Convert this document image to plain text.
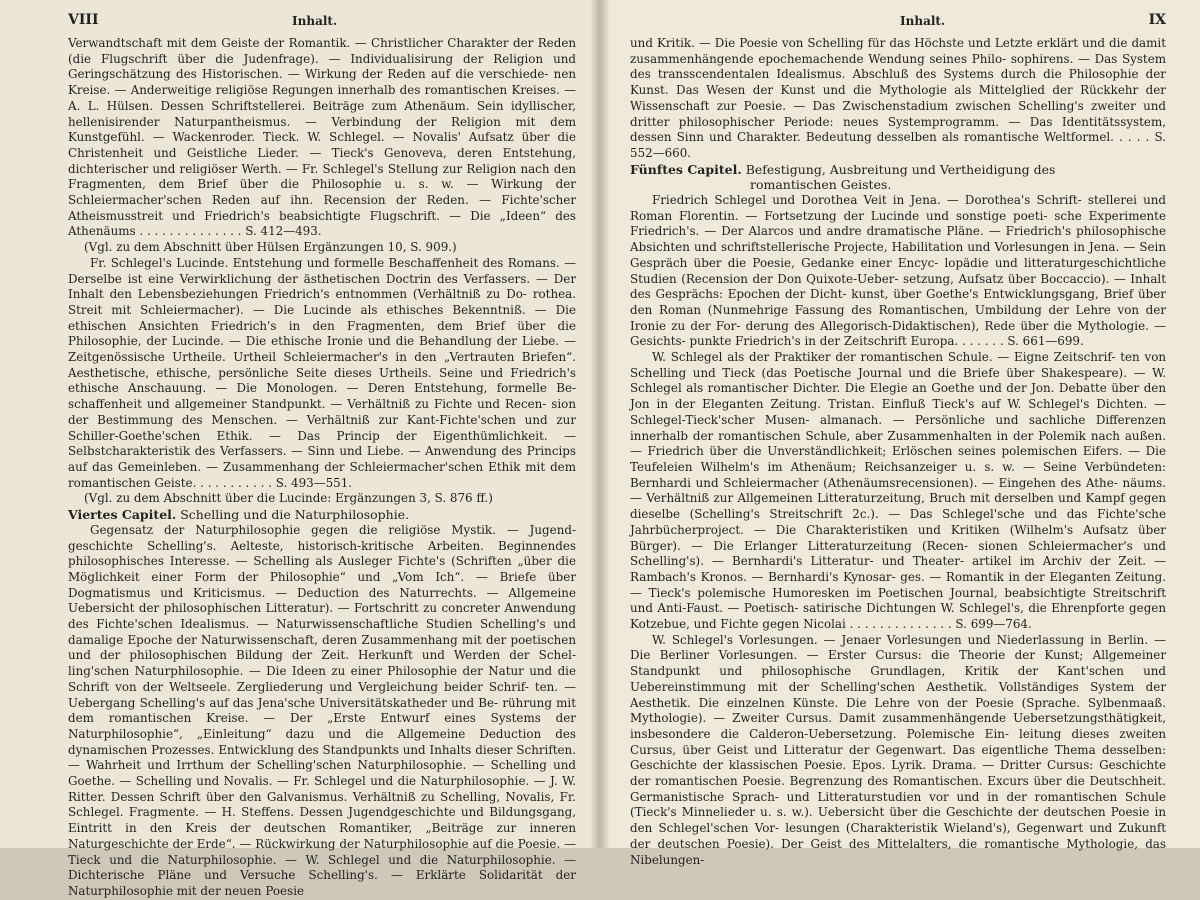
VIII	Inhalt.

Verwandtschaft mit dem Geiste der Romantik. — Christlicher Charakter der Reden (die Flugschrift über die Judenfrage). — Individualisirung der Religion und Geringschätzung des Historischen. — Wirkung der Reden auf die verschiede- nen Kreise. — Anderweitige religiöse Regungen innerhalb des romantischen Kreises. — A. L. Hülsen. Dessen Schriftstellerei. Beiträge zum Athenäum. Sein idyllischer, hellenisirender Naturpantheismus. — Verbindung der Religion mit dem Kunstgefühl. — Wackenroder. Tieck. W. Schlegel. — Novalis' Aufsatz über die Christenheit und Geistliche Lieder. — Tieck's Genoveva, deren Entstehung, dichterischer und religiöser Werth. — Fr. Schlegel's Stellung zur Religion nach den Fragmenten, dem Brief über die Philosophie u. s. w. — Wirkung der Schleiermacher'schen Reden auf ihn. Recension der Reden. — Fichte'scher Atheismusstreit und Friedrich's beabsichtigte Flugschrift. — Die „Ideen“ des Athenäums . . . . . . . . . . . . . . S. 412—493.

(Vgl. zu dem Abschnitt über Hülsen Ergänzungen 10, S. 909.)

Fr. Schlegel's Lucinde. Entstehung und formelle Beschaffenheit des Romans. — Derselbe ist eine Verwirklichung der ästhetischen Doctrin des Verfassers. — Der Inhalt den Lebensbeziehungen Friedrich's entnommen (Verhältniß zu Do- rothea. Streit mit Schleiermacher). — Die Lucinde als ethisches Bekenntniß. — Die ethischen Ansichten Friedrich's in den Fragmenten, dem Brief über die Philosophie, der Lucinde. — Die ethische Ironie und die Behandlung der Liebe. — Zeitgenössische Urtheile. Urtheil Schleiermacher's in den „Vertrauten Briefen“. Aesthetische, ethische, persönliche Seite dieses Urtheils. Seine und Friedrich's ethische Anschauung. — Die Monologen. — Deren Entstehung, formelle Be- schaffenheit und allgemeiner Standpunkt. — Verhältniß zu Fichte und Recen- sion der Bestimmung des Menschen. — Verhältniß zur Kant-Fichte'schen und zur Schiller-Goethe'schen Ethik. — Das Princip der Eigenthümlichkeit. — Selbstcharakteristik des Verfassers. — Sinn und Liebe. — Anwendung des Princips auf das Gemeinleben. — Zusammenhang der Schleiermacher'schen Ethik mit dem romantischen Geiste. . . . . . . . . . . S. 493—551.

(Vgl. zu dem Abschnitt über die Lucinde: Ergänzungen 3, S. 876 ff.)

Viertes Capitel. Schelling und die Naturphilosophie.

Gegensatz der Naturphilosophie gegen die religiöse Mystik. — Jugend- geschichte Schelling's. Aelteste, historisch-kritische Arbeiten. Beginnendes philosophisches Interesse. — Schelling als Ausleger Fichte's (Schriften „über die Möglichkeit einer Form der Philosophie“ und „Vom Ich“. — Briefe über Dogmatismus und Kriticismus. — Deduction des Naturrechts. — Allgemeine Uebersicht der philosophischen Litteratur). — Fortschritt zu concreter Anwendung des Fichte'schen Idealismus. — Naturwissenschaftliche Studien Schelling's und damalige Epoche der Naturwissenschaft, deren Zusammenhang mit der poetischen und der philosophischen Bildung der Zeit. Herkunft und Werden der Schel- ling'schen Naturphilosophie. — Die Ideen zu einer Philosophie der Natur und die Schrift von der Weltseele. Zergliederung und Vergleichung beider Schrif- ten. — Uebergang Schelling's auf das Jena'sche Universitätskatheder und Be- rührung mit dem romantischen Kreise. — Der „Erste Entwurf eines Systems der Naturphilosophie“, „Einleitung“ dazu und die Allgemeine Deduction des dynamischen Prozesses. Entwicklung des Standpunkts und Inhalts dieser Schriften. — Wahrheit und Irrthum der Schelling'schen Naturphilosophie. — Schelling und Goethe. — Schelling und Novalis. — Fr. Schlegel und die Naturphilosophie. — J. W. Ritter. Dessen Schrift über den Galvanismus. Verhältniß zu Schelling, Novalis, Fr. Schlegel. Fragmente. — H. Steffens. Dessen Jugendgeschichte und Bildungsgang, Eintritt in den Kreis der deutschen Romantiker, „Beiträge zur inneren Naturgeschichte der Erde“. — Rückwirkung der Naturphilosophie auf die Poesie. — Tieck und die Naturphilosophie. — W. Schlegel und die Naturphilosophie. — Dichterische Pläne und Versuche Schelling's. — Erklärte Solidarität der Naturphilosophie mit der neuen Poesie

Inhalt.	IX

und Kritik. — Die Poesie von Schelling für das Höchste und Letzte erklärt und die damit zusammenhängende epochemachende Wendung seines Philo- sophirens. — Das System des transscendentalen Idealismus. Abschluß des Systems durch die Philosophie der Kunst. Das Wesen der Kunst und die Mythologie als Mittelglied der Rückkehr der Wissenschaft zur Poesie. — Das Zwischenstadium zwischen Schelling's zweiter und dritter philosophischer Periode: neues Systemprogramm. — Das Identitätssystem, dessen Sinn und Charakter. Bedeutung desselben als romantische Weltformel. . . . . S. 552—660.

Fünftes Capitel. Befestigung, Ausbreitung und Vertheidigung des
romantischen Geistes.

Friedrich Schlegel und Dorothea Veit in Jena. — Dorothea's Schrift- stellerei und Roman Florentin. — Fortsetzung der Lucinde und sonstige poeti- sche Experimente Friedrich's. — Der Alarcos und andre dramatische Pläne. — Friedrich's philosophische Absichten und schriftstellerische Projecte, Habilitation und Vorlesungen in Jena. — Sein Gespräch über die Poesie, Gedanke einer Encyc- lopädie und litteraturgeschichtliche Studien (Recension der Don Quixote-Ueber- setzung, Aufsatz über Boccaccio). — Inhalt des Gesprächs: Epochen der Dicht- kunst, über Goethe's Entwicklungsgang, Brief über den Roman (Nunmehrige Fassung des Romantischen, Umbildung der Lehre von der Ironie zu der For- derung des Allegorisch-Didaktischen), Rede über die Mythologie. — Gesichts- punkte Friedrich's in der Zeitschrift Europa. . . . . . . S. 661—699.

W. Schlegel als der Praktiker der romantischen Schule. — Eigne Zeitschrif- ten von Schelling und Tieck (das Poetische Journal und die Briefe über Shakespeare). — W. Schlegel als romantischer Dichter. Die Elegie an Goethe und der Jon. Debatte über den Jon in der Eleganten Zeitung. Tristan. Einfluß Tieck's auf W. Schlegel's Dichten. — Schlegel-Tieck'scher Musen- almanach. — Persönliche und sachliche Differenzen innerhalb der romantischen Schule, aber Zusammenhalten in der Polemik nach außen. — Friedrich über die Unverständlichkeit; Erlöschen seines polemischen Eifers. — Die Teufeleien Wilhelm's im Athenäum; Reichsanzeiger u. s. w. — Seine Verbündeten: Bernhardi und Schleiermacher (Athenäumsrecensionen). — Eingehen des Athe- näums. — Verhältniß zur Allgemeinen Litteraturzeitung, Bruch mit derselben und Kampf gegen dieselbe (Schelling's Streitschrift 2c.). — Das Schlegel'sche und das Fichte'sche Jahrbücherproject. — Die Charakteristiken und Kritiken (Wilhelm's Aufsatz über Bürger). — Die Erlanger Litteraturzeitung (Recen- sionen Schleiermacher's und Schelling's). — Bernhardi's Litteratur- und Theater- artikel im Archiv der Zeit. — Rambach's Kronos. — Bernhardi's Kynosar- ges. — Romantik in der Eleganten Zeitung. — Tieck's polemische Humoresken im Poetischen Journal, beabsichtigte Streitschrift und Anti-Faust. — Poetisch- satirische Dichtungen W. Schlegel's, die Ehrenpforte gegen Kotzebue, und Fichte gegen Nicolai . . . . . . . . . . . . . . S. 699—764.

W. Schlegel's Vorlesungen. — Jenaer Vorlesungen und Niederlassung in Berlin. — Die Berliner Vorlesungen. — Erster Cursus: die Theorie der Kunst; Allgemeiner Standpunkt und philosophische Grundlagen, Kritik der Kant'schen und Uebereinstimmung mit der Schelling'schen Aesthetik. Vollständiges System der Aesthetik. Die einzelnen Künste. Die Lehre von der Poesie (Sprache. Sylbenmaaß. Mythologie). — Zweiter Cursus. Damit zusammenhängende Uebersetzungsthätigkeit, insbesondere die Calderon-Uebersetzung. Polemische Ein- leitung dieses zweiten Cursus, über Geist und Litteratur der Gegenwart. Das eigentliche Thema desselben: Geschichte der klassischen Poesie. Epos. Lyrik. Drama. — Dritter Cursus: Geschichte der romantischen Poesie. Begrenzung des Romantischen. Excurs über die Deutschheit. Germanistische Sprach- und Litteraturstudien vor und in der romantischen Schule (Tieck's Minnelieder u. s. w.). Uebersicht über die Geschichte der deutschen Poesie in den Schlegel'schen Vor- lesungen (Charakteristik Wieland's), Gegenwart und Zukunft der deutschen Poesie). Der Geist des Mittelalters, die romantische Mythologie, das Nibelungen-
